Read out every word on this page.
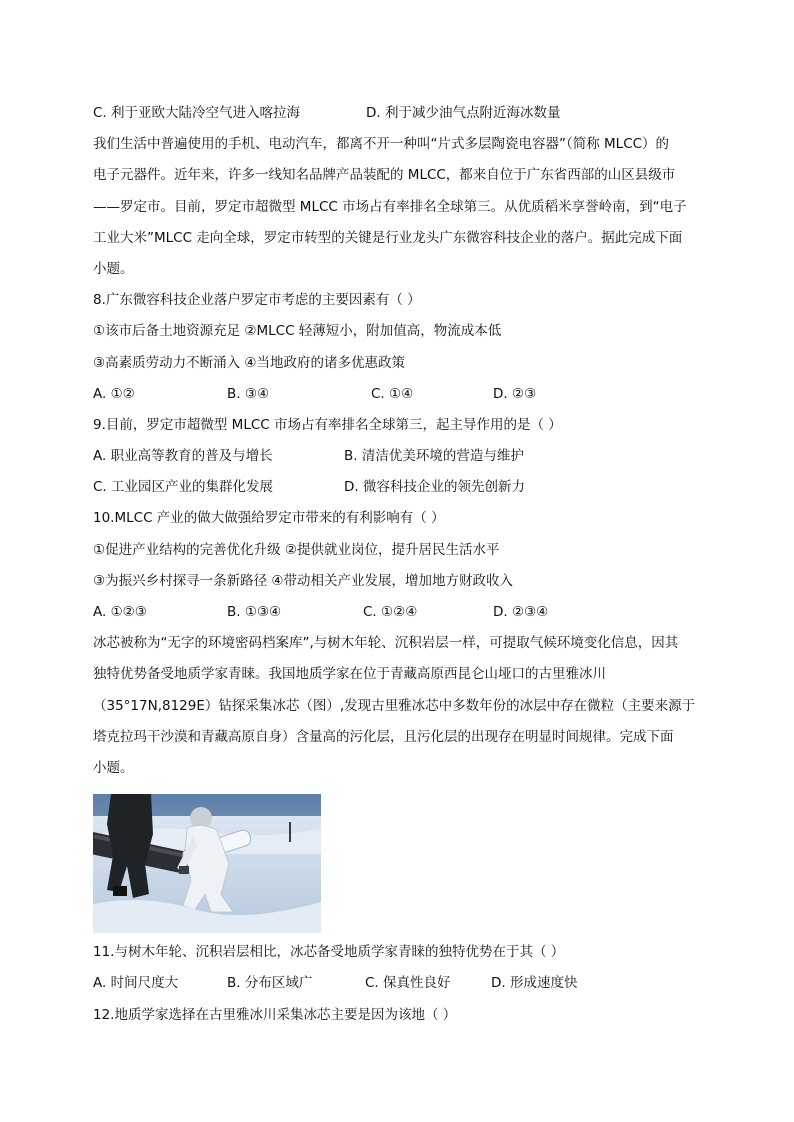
C. 利于亚欧大陆冷空气进入喀拉海	D. 利于减少油气点附近海冰数量
我们生活中普遍使用的手机、电动汽车，都离不开一种叫“片式多层陶瓷电容器”（简称 MLCC）的
电子元器件。近年来，许多一线知名品牌产品装配的 MLCC，都来自位于广东省西部的山区县级市
——罗定市。目前，罗定市超微型 MLCC 市场占有率排名全球第三。从优质稻米享誉岭南，到“电子
工业大米”MLCC 走向全球，罗定市转型的关键是行业龙头广东微容科技企业的落户。据此完成下面
小题。
8.广东微容科技企业落户罗定市考虑的主要因素有（ ）
①该市后备土地资源充足 ②MLCC 轻薄短小，附加值高，物流成本低
③高素质劳动力不断涌入 ④当地政府的诸多优惠政策
A. ①②	B. ③④	C. ①④	D. ②③
9.目前，罗定市超微型 MLCC 市场占有率排名全球第三，起主导作用的是（ ）
A. 职业高等教育的普及与增长	B. 清洁优美环境的营造与维护
C. 工业园区产业的集群化发展	D. 微容科技企业的领先创新力
10.MLCC 产业的做大做强给罗定市带来的有利影响有（ ）
①促进产业结构的完善优化升级 ②提供就业岗位，提升居民生活水平
③为振兴乡村探寻一条新路径 ④带动相关产业发展，增加地方财政收入
A. ①②③	B. ①③④	C. ①②④	D. ②③④
冰芯被称为“无字的环境密码档案库”,与树木年轮、沉积岩层一样，可提取气候环境变化信息，因其
独特优势备受地质学家青睐。我国地质学家在位于青藏高原西昆仑山垭口的古里雅冰川
（35°17N,8129E）钻探采集冰芯（图）,发现古里雅冰芯中多数年份的冰层中存在微粒（主要来源于
塔克拉玛干沙漠和青藏高原自身）含量高的污化层，且污化层的出现存在明显时间规律。完成下面
小题。
11.与树木年轮、沉积岩层相比，冰芯备受地质学家青睐的独特优势在于其（ ）
A. 时间尺度大	B. 分布区域广	C. 保真性良好	D. 形成速度快
12.地质学家选择在古里雅冰川采集冰芯主要是因为该地（ ）
